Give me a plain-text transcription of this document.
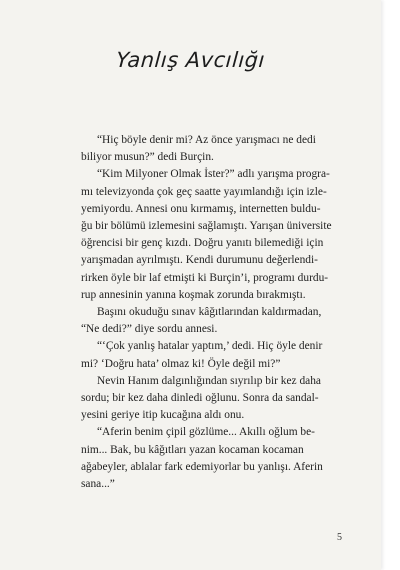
Yanlış Avcılığı
“Hiç böyle denir mi? Az önce yarışmacı ne dedi
biliyor musun?” dedi Burçin.
“Kim Milyoner Olmak İster?” adlı yarışma progra-
mı televizyonda çok geç saatte yayımlandığı için izle-
yemiyordu. Annesi onu kırmamış, internetten buldu-
ğu bir bölümü izlemesini sağlamıştı. Yarışan üniversite
öğrencisi bir genç kızdı. Doğru yanıtı bilemediği için
yarışmadan ayrılmıştı. Kendi durumunu değerlendi-
rirken öyle bir laf etmişti ki Burçin’i, programı durdu-
rup annesinin yanına koşmak zorunda bırakmıştı.
Başını okuduğu sınav kâğıtlarından kaldırmadan,
“Ne dedi?” diye sordu annesi.
“‘Çok yanlış hatalar yaptım,’ dedi. Hiç öyle denir
mi? ‘Doğru hata’ olmaz ki! Öyle değil mi?”
Nevin Hanım dalgınlığından sıyrılıp bir kez daha
sordu; bir kez daha dinledi oğlunu. Sonra da sandal-
yesini geriye itip kucağına aldı onu.
“Aferin benim çipil gözlüme... Akıllı oğlum be-
nim... Bak, bu kâğıtları yazan kocaman kocaman
ağabeyler, ablalar fark edemiyorlar bu yanlışı. Aferin
sana...”
5
